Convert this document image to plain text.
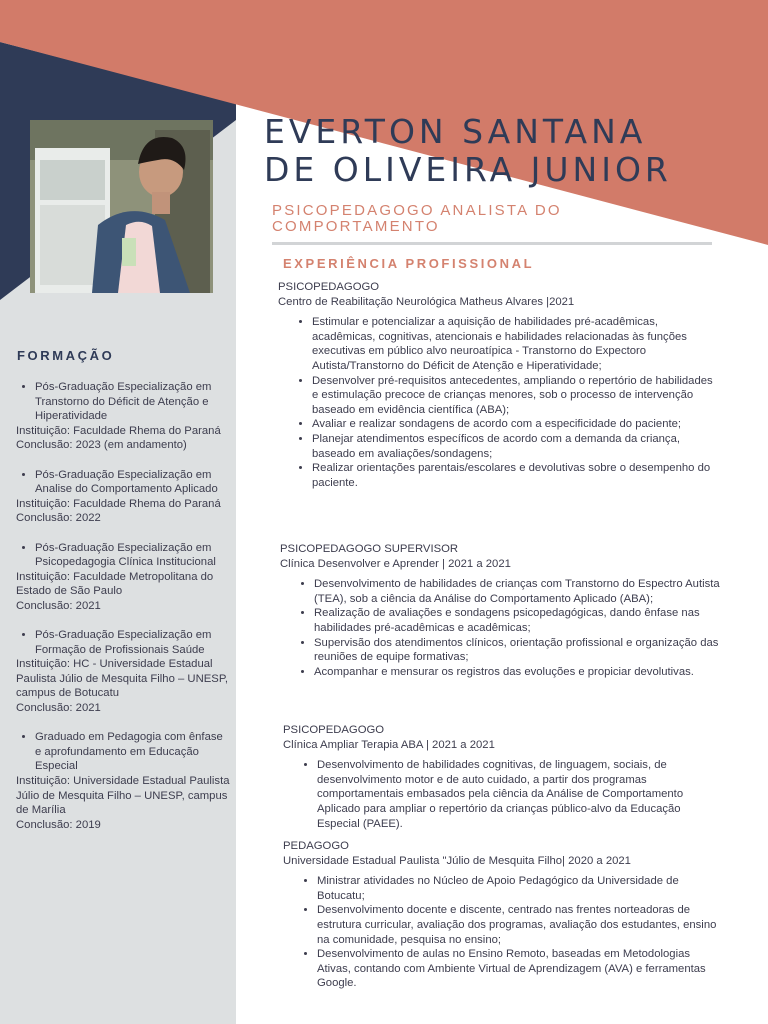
EVERTON SANTANA
DE OLIVEIRA JUNIOR
PSICOPEDAGOGO ANALISTA DO COMPORTAMENTO
EXPERIÊNCIA PROFISSIONAL
FORMAÇÃO
• Pós-Graduação Especialização em Transtorno do Déficit de Atenção e Hiperatividade

Instituição: Faculdade Rhema do Paraná

Conclusão: 2023 (em andamento)

• Pós-Graduação Especialização em Analise do Comportamento Aplicado

Instituição: Faculdade Rhema do Paraná

Conclusão: 2022

• Pós-Graduação Especialização em Psicopedagogia Clínica Institucional

Instituição: Faculdade Metropolitana do Estado de São Paulo

Conclusão: 2021

• Pós-Graduação Especialização em Formação de Profissionais Saúde

Instituição: HC - Universidade Estadual Paulista Júlio de Mesquita Filho – UNESP, campus de Botucatu

Conclusão: 2021

• Graduado em Pedagogia com ênfase e aprofundamento em Educação Especial

Instituição: Universidade Estadual Paulista Júlio de Mesquita Filho – UNESP, campus de Marília

Conclusão: 2019

PSICOPEDAGOGO

Centro de Reabilitação Neurológica Matheus Alvares |2021

• Estimular e potencializar a aquisição de habilidades pré-acadêmicas, acadêmicas, cognitivas, atencionais e habilidades relacionadas às funções executivas em público alvo neuroatípica - Transtorno do Expectoro Autista/Transtorno do Déficit de Atenção e Hiperatividade;
• Desenvolver pré-requisitos antecedentes, ampliando o repertório de habilidades e estimulação precoce de crianças menores, sob o processo de intervenção baseado em evidência científica (ABA);
• Avaliar e realizar sondagens de acordo com a especificidade do paciente;
• Planejar atendimentos específicos de acordo com a demanda da criança, baseado em avaliações/sondagens;
• Realizar orientações parentais/escolares e devolutivas sobre o desempenho do paciente.

PSICOPEDAGOGO SUPERVISOR

Clínica Desenvolver e Aprender | 2021 a 2021

• Desenvolvimento de habilidades de crianças com Transtorno do Espectro Autista (TEA), sob a ciência da Análise do Comportamento Aplicado (ABA);
• Realização de avaliações e sondagens psicopedagógicas, dando ênfase nas habilidades pré-acadêmicas e acadêmicas;
• Supervisão dos atendimentos clínicos, orientação profissional e organização das reuniões de equipe formativas;
• Acompanhar e mensurar os registros das evoluções e propiciar devolutivas.

PSICOPEDAGOGO

Clínica Ampliar Terapia ABA | 2021 a 2021

• Desenvolvimento de habilidades cognitivas, de linguagem, sociais, de desenvolvimento motor e de auto cuidado, a partir dos programas comportamentais embasados pela ciência da Análise de Comportamento Aplicado para ampliar o repertório da crianças público-alvo da Educação Especial (PAEE).

PEDAGOGO

Universidade Estadual Paulista "Júlio de Mesquita Filho| 2020 a 2021

• Ministrar atividades no Núcleo de Apoio Pedagógico da Universidade de Botucatu;
• Desenvolvimento docente e discente, centrado nas frentes norteadoras de estrutura curricular, avaliação dos programas, avaliação dos estudantes, ensino na comunidade, pesquisa no ensino;
• Desenvolvimento de aulas no Ensino Remoto, baseadas em Metodologias Ativas, contando com Ambiente Virtual de Aprendizagem (AVA) e ferramentas Google.
